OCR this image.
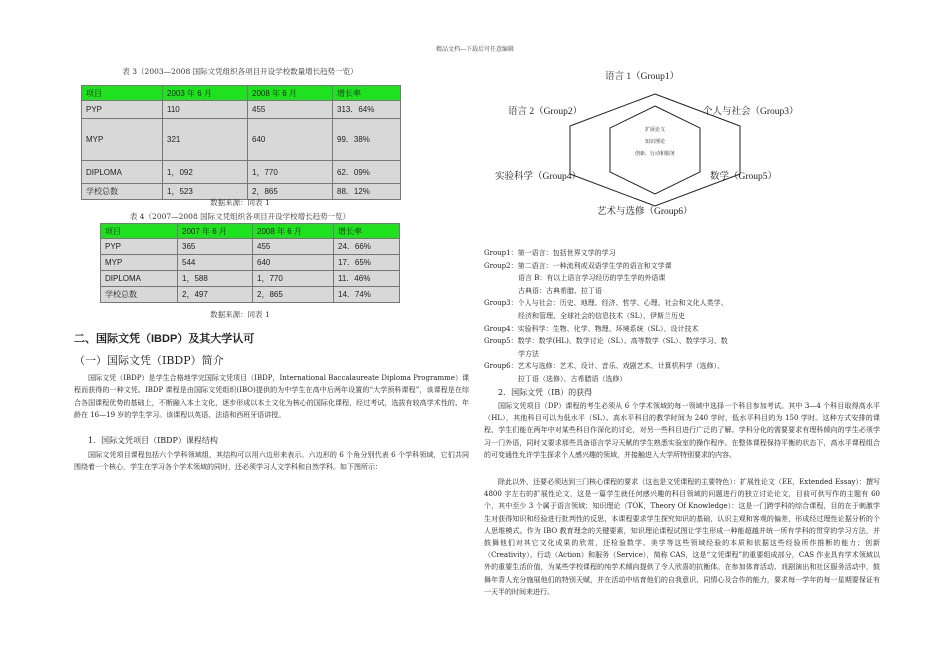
精品文档---下载后可任意编辑
表 3（2003—2008 国际文凭组织各项目开设学校数量增长趋势一览）
项目	2003 年 6 月	2008 年 6 月	增长率
PYP	110	455	313．64%
MYP	321	640	99．38%
DIPLOMA	1，092	1，770	62．09%
学校总数	1，523	2，865	88．12%
数据来源：同表 1
表 4（2007—2008 国际文凭组织各项目开设学校增长趋势一览）
项目	2007 年 6 月	2008 年 6 月	增长率
PYP	365	455	24．66%
MYP	544	640	17．65%
DIPLOMA	1，588	1，770	11．46%
学校总数	2，497	2，865	14．74%
数据来源：同表 1
二、国际文凭（IBDP）及其大学认可
（一）国际文凭（IBDP）简介
国际文凭（IBDP）是学生合格地学完国际文凭项目（IBDP，International Baccalaureate Diploma Programme）课程而获得的一种文凭。IBDP 课程是由国际文凭组织(IBO)提供的为中学生在高中后两年设置的“大学预科课程”，该课程是在综合各国课程优势的基础上，不断融入本土文化，逐步形成以本土文化为核心的国际化课程，经过考试，选拔有较高学术性的、年龄在 16—19 岁的学生学习。该课程以英语、法语和西班牙语讲授。
1．国际文凭项目（IBDP）课程结构
国际文凭项目课程包括六个学科领域组，其结构可以用六边形来表示。六边形的 6 个角分别代表 6 个学科领域，它们共同围绕着一个核心，学生在学习各个学术领域的同时，还必须学习人文学科和自然学科。如下图所示：
扩展论文
知识理论
创新、行动和服务
语言 1（Group1）
语言 2（Group2）	个人与社会（Group3）
实验科学（Group4）	数学（Group5）
艺术与选修（Group6）
Group1：第一语言：包括世界文学的学习
Group2：第二语言：一种流利或双语学生学的语言和文学课
语言 B：有以上语言学习经历的学生学的外语课
古典语：古典希腊、拉丁语
Group3：个人与社会：历史、地理、经济、哲学、心理、社会和文化人类学、
经济和管理、全球社会的信息技术（SL）、伊斯兰历史
Group4：实验科学：生物、化学、物理、环境系统（SL）、设计技术
Group5：数学：数学(HL)、数学讨论（SL）、高等数学（SL）、数学学习、数
学方法
Group6：艺术与选修：艺术、设计、音乐、戏剧艺术、计算机科学（选修）、
拉丁语（选修）、古希腊语（选修）
2．国际文凭（IB）的获得
国际文凭项目（DP）课程的考生必须从 6 个学术领域的每一领域中选择一个科目参加考试。其中 3—4 个科目取得高水平（HL），其他科目可以为低水平（SL）。高水平科目的教学时间为 240 学时，低水平科目的为 150 学时。这种方式安排的课程，学生们能在两年中对某些科目作深化的讨论，对另一些科目进行广泛的了解。学科分化的需要要求有理科倾向的学生必须学习一门外语，同时又要求那些具备语言学习天赋的学生熟悉实验室的操作程序。在整体课程保持平衡的状态下，高水平课程组合的可变通性允许学生探求个人感兴趣的领域，并接触进入大学所特别要求的内容。
除此以外，还要必须达到三门核心课程的要求（这也是文凭课程的主要特色）：扩展性论文（EE，Extended Essay）：撰写 4800 字左右的扩展性论文，这是一篇学生就任何感兴趣的科目领域的问题进行的独立讨论论文，目前可供写作的主题有 60 个，其中至少 3 个属于语言领域；知识理论（TOK，Theory Of Knowledge）：这是一门跨学科的综合课程，目的在于刺激学生对获得知识和经验进行批判性的反思，本课程要求学生探究知识的基础，认识主观和客观的偏差，形成经过理性论据分析的个人思维模式。作为 IBO 教育理念的关键要素，知识理论课程试图让学生形成一种能超越并统一所有学科的贯穿的学习方法，并鼓舞他们对其它文化成果的欣赏，还检验数学、美学等这些领域经验的本质和依据这些经验所作推断的能力；创新（Creativity）、行动（Action）和服务（Service），简称 CAS，这是“文凭课程”的重要组成部分，CAS 作业具有学术领域以外的重要生活价值，为某些学校课程的纯学术倾向提供了令人欣喜的抗衡体。在参加体育活动、戏剧演出和社区服务活动中，鼓舞年青人充分施展他们的特别天赋，并在活动中培育他们的自我意识、同情心及合作的能力，要求每一学年的每一星期要保证有一天半的时间来进行。
